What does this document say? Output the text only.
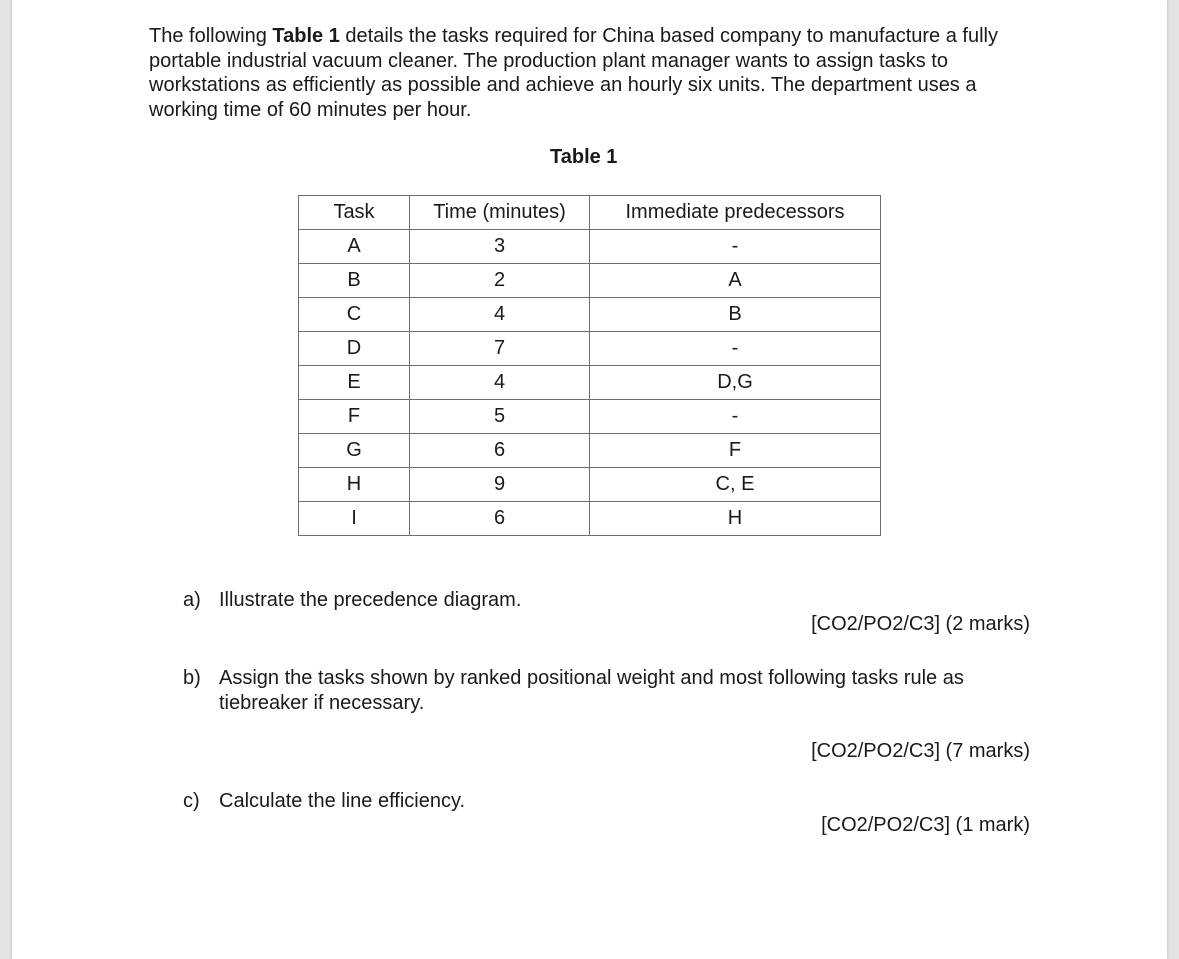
The following Table 1 details the tasks required for China based company to manufacture a fully portable industrial vacuum cleaner. The production plant manager wants to assign tasks to workstations as efficiently as possible and achieve an hourly six units. The department uses a working time of 60 minutes per hour.

Table 1
Task	Time (minutes)	Immediate predecessors
A	3	-
B	2	A
C	4	B
D	7	-
E	4	D,G
F	5	-
G	6	F
H	9	C, E
I	6	H
a) Illustrate the precedence diagram.
[CO2/PO2/C3] (2 marks)
b) Assign the tasks shown by ranked positional weight and most following tasks rule as tiebreaker if necessary.
[CO2/PO2/C3] (7 marks)
c) Calculate the line efficiency.
[CO2/PO2/C3] (1 mark)
